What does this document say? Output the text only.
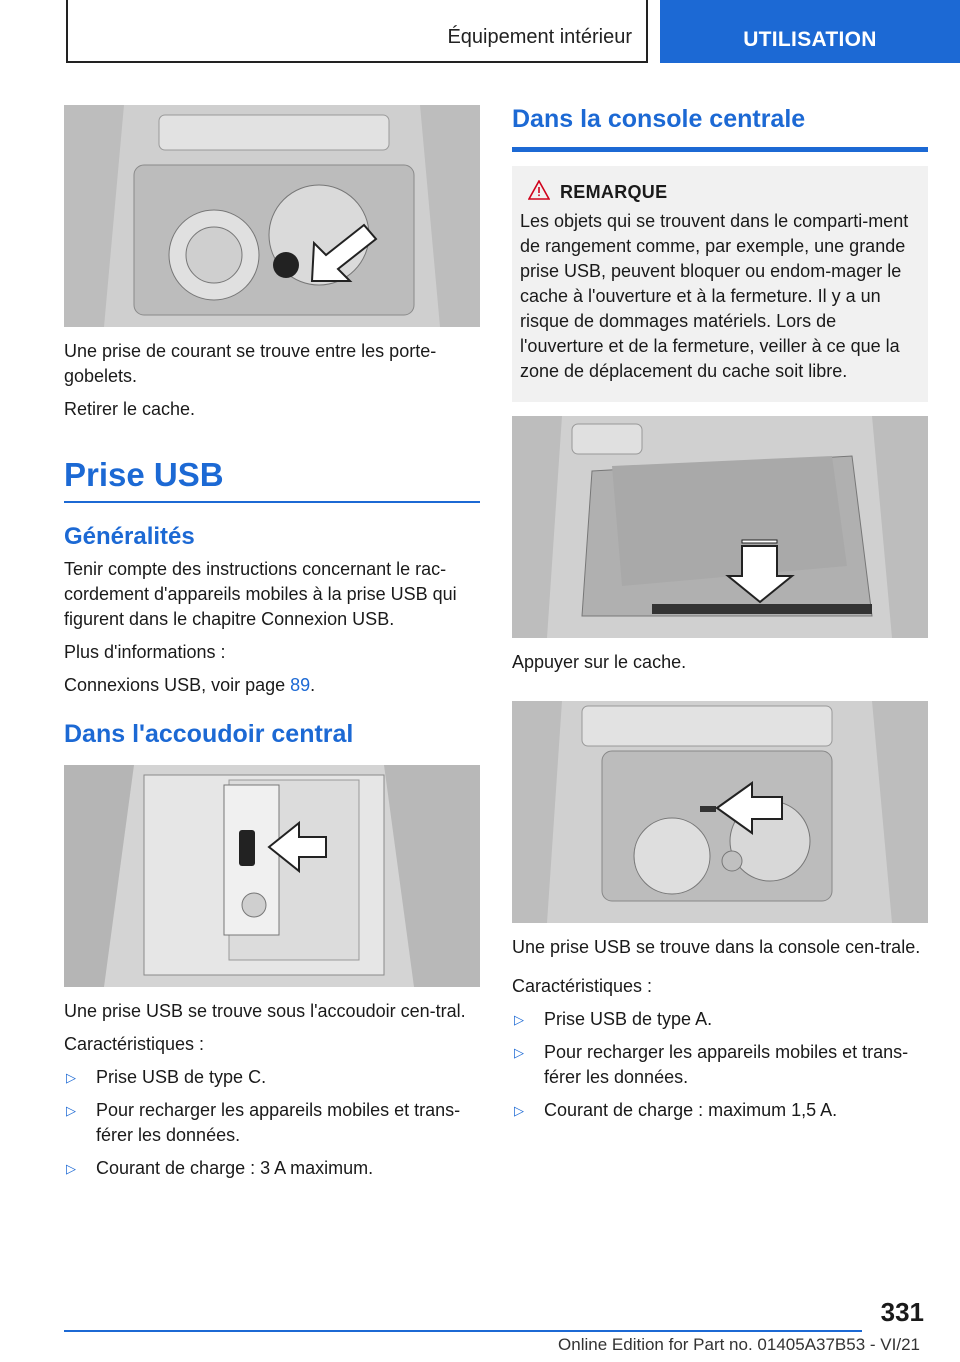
Équipement intérieur	UTILISATION

Une prise de courant se trouve entre les porte-gobelets.

Retirer le cache.

Prise USB
Généralités

Tenir compte des instructions concernant le rac-cordement d'appareils mobiles à la prise USB qui figurent dans le chapitre Connexion USB.

Plus d'informations :

Connexions USB, voir page 89.

Dans l'accoudoir central

Une prise USB se trouve sous l'accoudoir cen-tral.

Caractéristiques :

▷	Prise USB de type C.
▷	Pour recharger les appareils mobiles et trans-férer les données.
▷	Courant de charge : 3 A maximum.
Dans la console centrale
REMARQUE

Les objets qui se trouvent dans le comparti-ment de rangement comme, par exemple, une grande prise USB, peuvent bloquer ou endom-mager le cache à l'ouverture et à la fermeture. Il y a un risque de dommages matériels. Lors de l'ouverture et de la fermeture, veiller à ce que la zone de déplacement du cache soit libre.

Appuyer sur le cache.

Une prise USB se trouve dans la console cen-trale.

Caractéristiques :

▷	Prise USB de type A.
▷	Pour recharger les appareils mobiles et trans-férer les données.
▷	Courant de charge : maximum 1,5 A.
331
Online Edition for Part no. 01405A37B53 - VI/21
